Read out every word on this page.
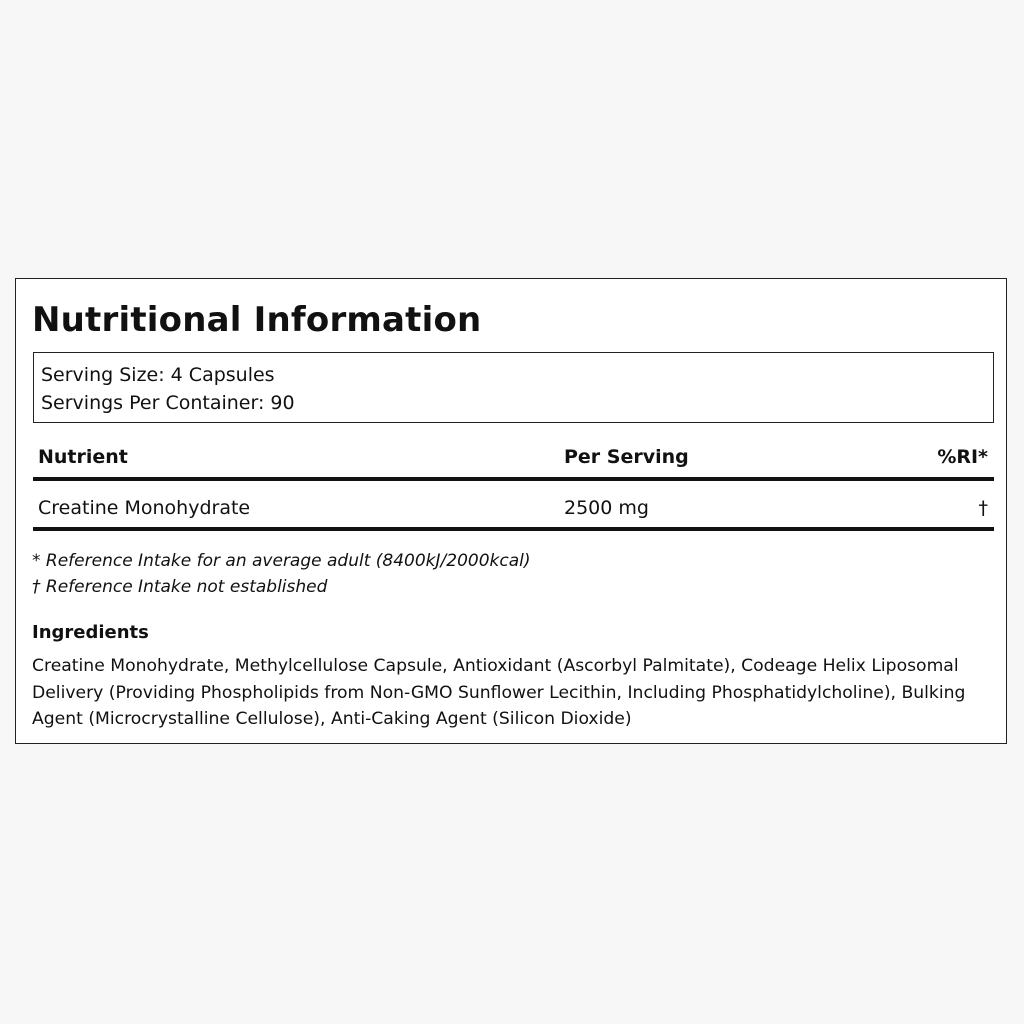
Nutritional Information
Serving Size: 4 Capsules
Servings Per Container: 90
Nutrient	Per Serving	%RI*
Creatine Monohydrate	2500 mg	†
* Reference Intake for an average adult (8400kJ/2000kcal)
† Reference Intake not established
Ingredients

Creatine Monohydrate, Methylcellulose Capsule, Antioxidant (Ascorbyl Palmitate), Codeage Helix Liposomal Delivery (Providing Phospholipids from Non-GMO Sunflower Lecithin, Including Phosphatidylcholine), Bulking Agent (Microcrystalline Cellulose), Anti-Caking Agent (Silicon Dioxide)
